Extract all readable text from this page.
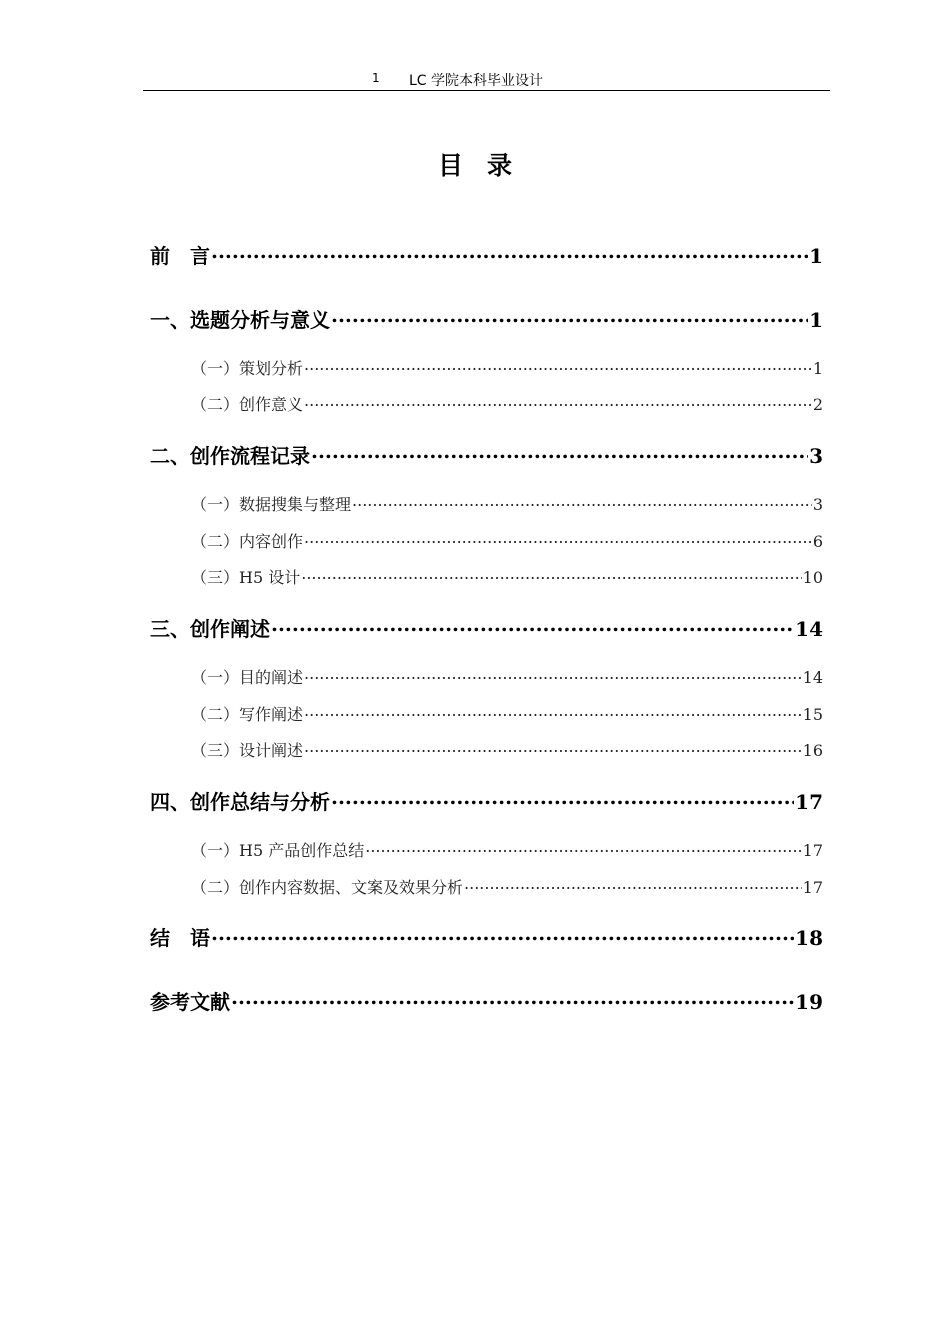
1 LC 学院本科毕业设计
目录
前　言 .....	1
一、选题分析与意义 .....	1
（一）策划分析 .....	1
（二）创作意义 .....	2
二、创作流程记录 .....	3
（一）数据搜集与整理 .....	3
（二）内容创作 .....	6
（三）H5 设计 .....	10
三、创作阐述 .....	14
（一）目的阐述 .....	14
（二）写作阐述 .....	15
（三）设计阐述 .....	16
四、创作总结与分析 .....	17
（一）H5 产品创作总结 .....	17
（二）创作内容数据、文案及效果分析 .....	17
结　语 .....	18
参考文献 .....	19
